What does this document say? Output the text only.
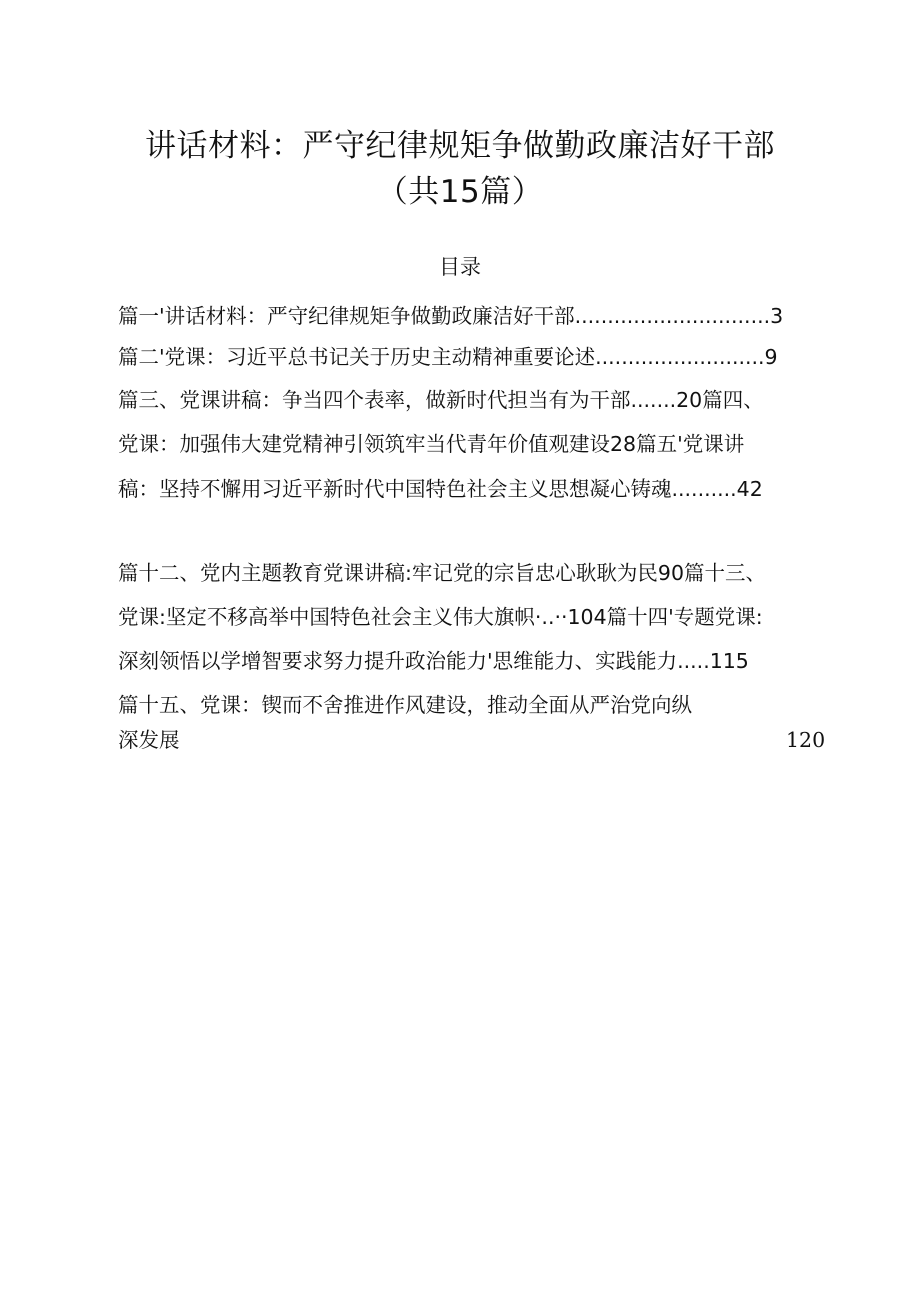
讲话材料：严守纪律规矩争做勤政廉洁好干部
（共15篇）
目录
篇一'讲话材料：严守纪律规矩争做勤政廉洁好干部..............................3
篇二'党课：习近平总书记关于历史主动精神重要论述..........................9
篇三、党课讲稿：争当四个表率，做新时代担当有为干部.......20篇四、
党课：加强伟大建党精神引领筑牢当代青年价值观建设28篇五'党课讲
稿：坚持不懈用习近平新时代中国特色社会主义思想凝心铸魂..........42
篇十二、党内主题教育党课讲稿:牢记党的宗旨忠心耿耿为民90篇十三、
党课:坚定不移高举中国特色社会主义伟大旗帜·..··104篇十四'专题党课:
深刻领悟以学增智要求努力提升政治能力'思维能力、实践能力.....115
篇十五、党课：锲而不舍推进作风建设，推动全面从严治党向纵
深发展	120
